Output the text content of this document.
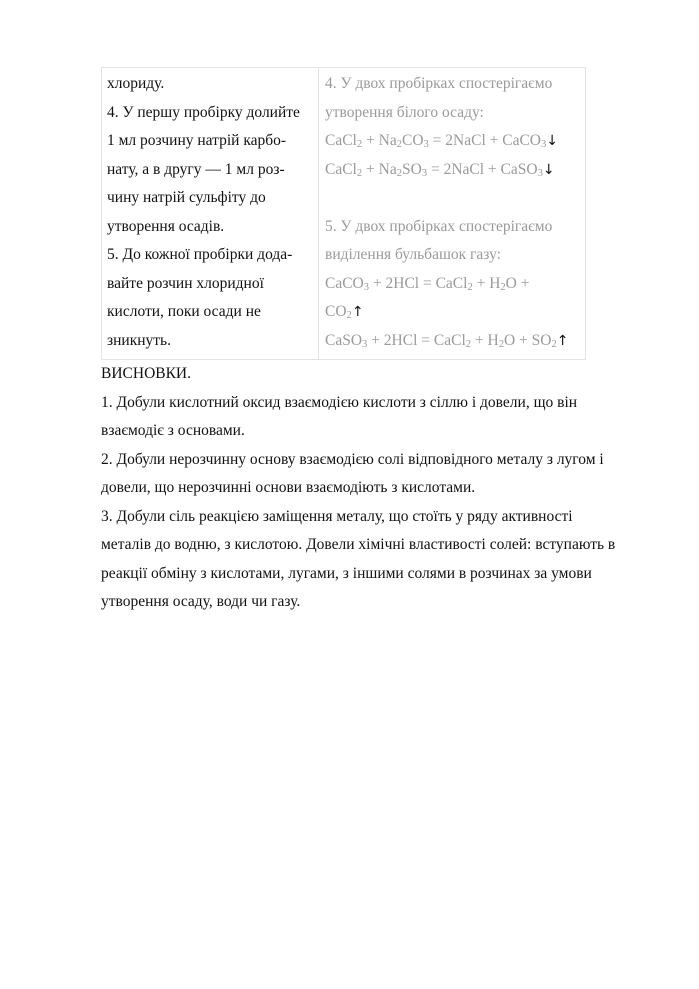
хлориду.
4. У першу пробірку долийте
1 мл розчину натрій карбо-
нату, а в другу — 1 мл роз-
чину натрій сульфіту до
утворення осадів.
5. До кожної пробірки дода-
вайте розчин хлоридної
кислоти, поки осади не
зникнуть.
4. У двох пробірках спостерігаємо
утворення білого осаду:
CaCl$_2$ + $Na_2CO_3$ = 2NaCl + CaCO$_3$↓
CaCl$_2$ + $Na_2SO_3$ = 2NaCl + CaSO$_3$↓
5. У двох пробірках спостерігаємо
виділення бульбашок газу:
CaCO$_3$ + 2HCl = CaCl$_2$ + $H_2O$ +
$CO_2↑$
CaSO$_3$ + 2HCl = CaCl$_2$ + $H_2O$ + $SO_2↑$

ВИСНОВКИ.

1. Добули кислотний оксид взаємодією кислоти з сіллю і довели, що він

взаємодіє з основами.

2. Добули нерозчинну основу взаємодією солі відповідного металу з лугом і

довели, що нерозчинні основи взаємодіють з кислотами.

3. Добули сіль реакцією заміщення металу, що стоїть у ряду активності

металів до водню, з кислотою. Довели хімічні властивості солей: вступають в

реакції обміну з кислотами, лугами, з іншими солями в розчинах за умови

утворення осаду, води чи газу.
